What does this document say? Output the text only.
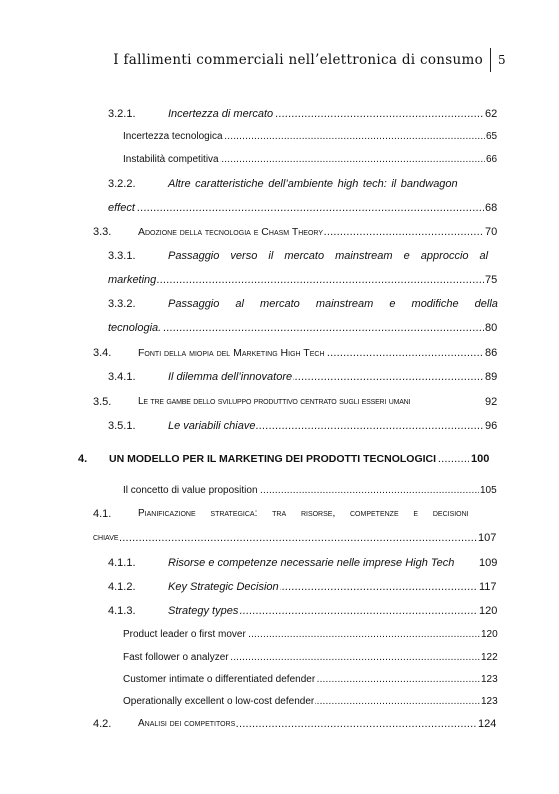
I fallimenti commerciali nell’elettronica di consumo 5
3.2.1. .....	Incertezza di mercato	62
.....
Incertezza tecnologica	65
.....
Instabilità competitiva	66
3.2.2.	Altre caratteristiche dell’ambiente high tech: il bandwagon
.....
effect	68
3.3. .....	Adozione della tecnologia e Chasm Theory	70
3.3.1.	Passaggio verso il mercato mainstream e approccio al
.....
marketing	75
3.3.2.	Passaggio al mercato mainstream e modifiche della
.....
tecnologia.	80
3.4. .....	Fonti della miopia del Marketing High Tech	86
3.4.1. .....	Il dilemma dell’innovatore	89
3.5.	Le tre gambe dello sviluppo produttivo centrato sugli esseri umani	92
3.5.1. .....	Le variabili chiave	96
4. ..... UN MODELLO PER IL MARKETING DEI PRODOTTI TECNOLOGICI	100
.....
Il concetto di value proposition	105
4.1.	Pianificazione strategica: tra risorse, competenze e decisioni
.....
chiave	107
4.1.1.	Risorse e competenze necessarie nelle imprese High Tech 109
4.1.2. .....	Key Strategic Decision	117
4.1.3. .....	Strategy types	120
.....
Product leader o first mover	120
.....
Fast follower o analyzer	122
.....
Customer intimate o differentiated defender	123
.....
Operationally excellent o low-cost defender	123
4.2. .....	Analisi dei competitors	124
